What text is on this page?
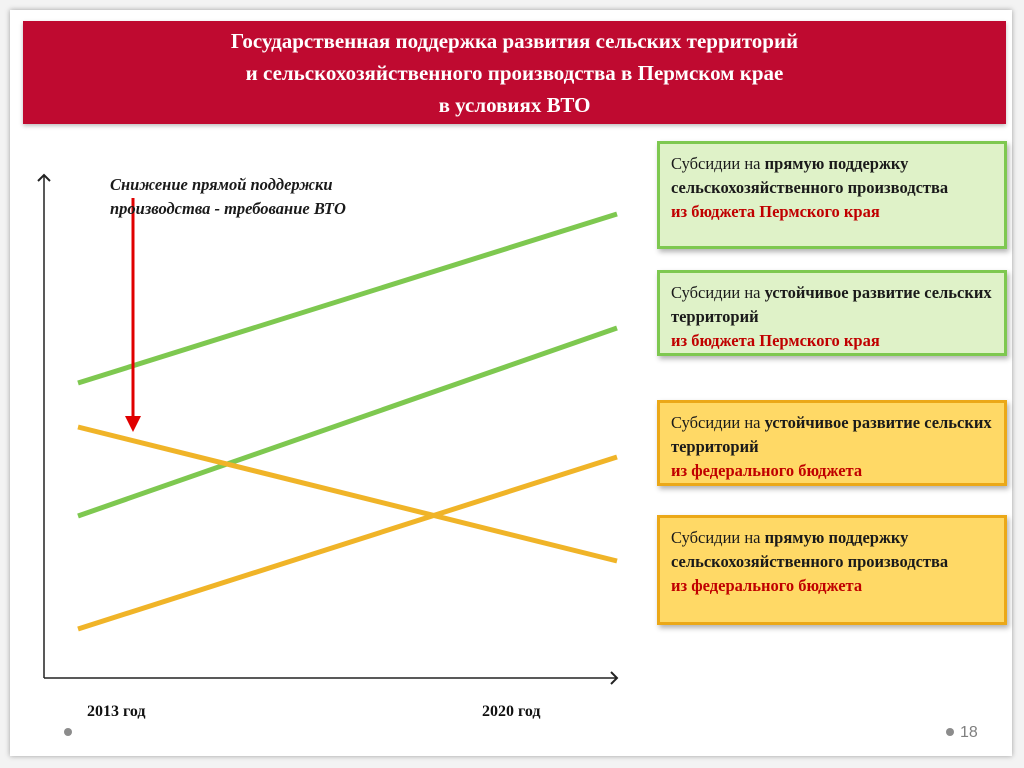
Государственная поддержка развития сельских территорий
и сельскохозяйственного производства в Пермском крае
в условиях ВТО
Снижение прямой поддержки
производства - требование ВТО
2013 год	2020 год
Субсидии на прямую поддержку сельскохозяйственного производства
из бюджета Пермского края
Субсидии на устойчивое развитие сельских территорий
из бюджета Пермского края
Субсидии на устойчивое развитие сельских территорий
из федерального бюджета
Субсидии на прямую поддержку сельскохозяйственного производства
из федерального бюджета
18
